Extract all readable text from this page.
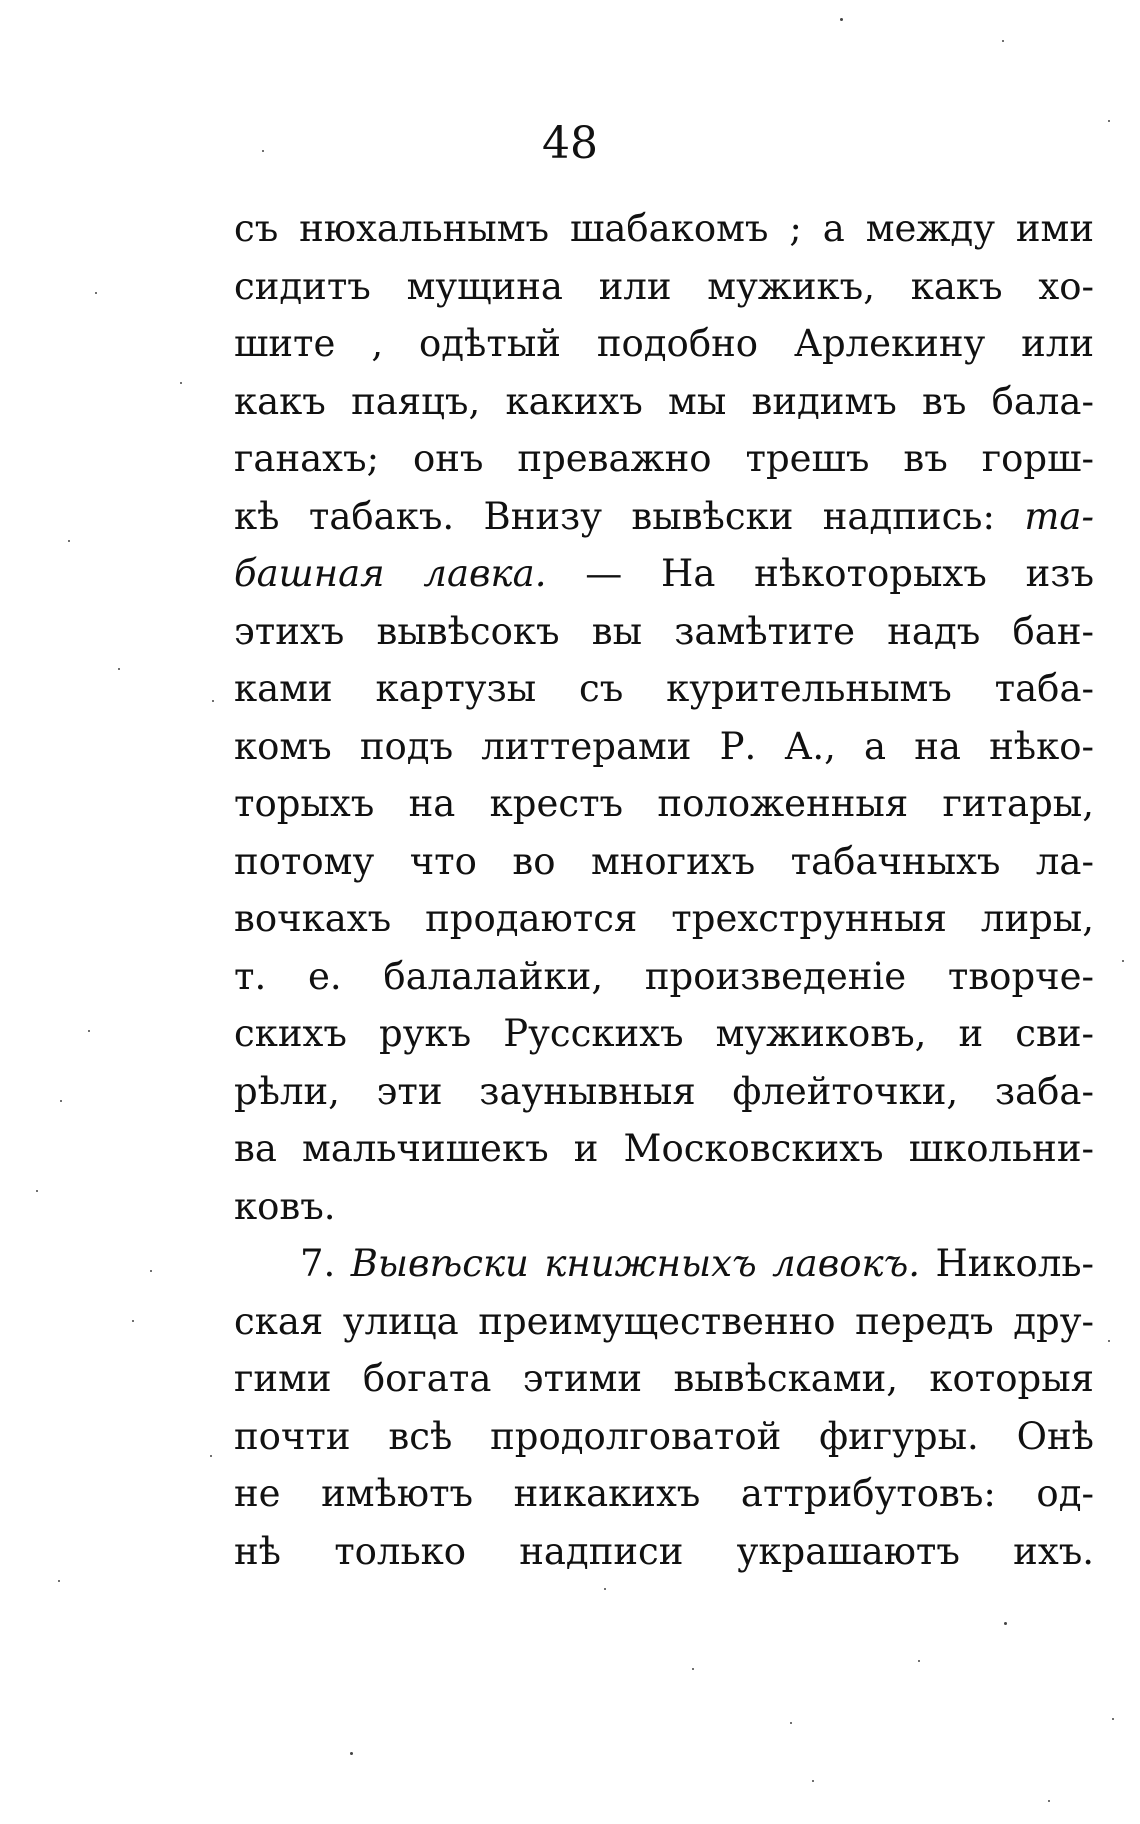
48
съ нюхальнымъ шабакомъ ; а между ими
сидитъ мущина или мужикъ, какъ хо-
шите , одѣтый подобно Арлекину или
какъ паяцъ, какихъ мы видимъ въ бала-
ганахъ; онъ преважно трешъ въ горш-
кѣ табакъ. Внизу вывѣски надпись: та-
башная лавка. — На нѣкоторыхъ изъ
этихъ вывѣсокъ вы замѣтите надъ бан-
ками картузы съ курительнымъ таба-
комъ подъ литтерами Р. А., а на нѣко-
торыхъ на крестъ положенныя гитары,
потому что во многихъ табачныхъ ла-
вочкахъ продаются трехструнныя лиры,
т. е. балалайки, произведеніе творче-
скихъ рукъ Русскихъ мужиковъ, и сви-
рѣли, эти заунывныя флейточки, заба-
ва мальчишекъ и Московскихъ школьни-
ковъ.
7. Вывѣски книжныхъ лавокъ. Николь-
ская улица преимущественно передъ дру-
гими богата этими вывѣсками, которыя
почти всѣ продолговатой фигуры. Онѣ
не имѣютъ никакихъ аттрибутовъ: од-
нѣ только надписи украшаютъ ихъ.
